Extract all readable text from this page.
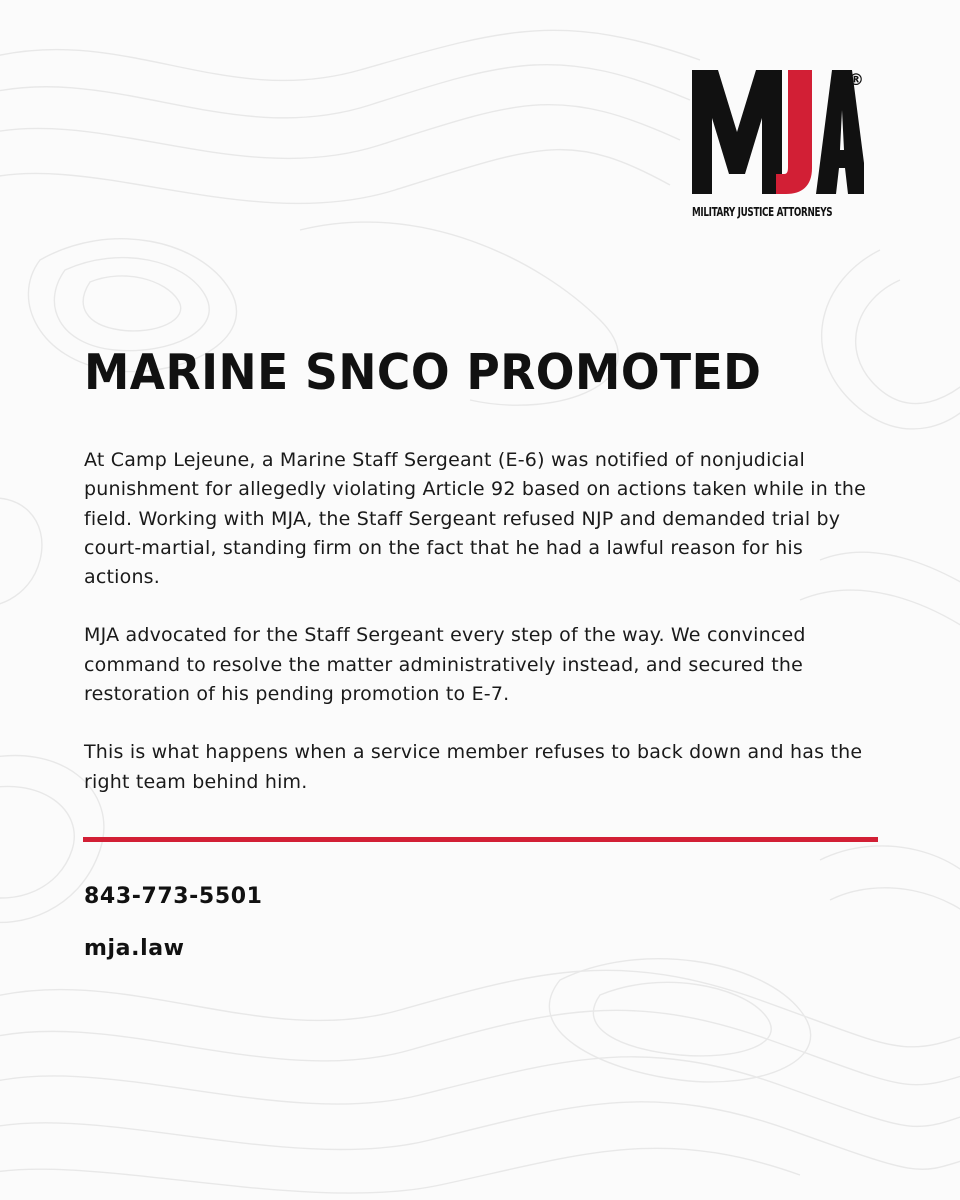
®
MILITARY JUSTICE ATTORNEYS
MARINE SNCO PROMOTED

At Camp Lejeune, a Marine Staff Sergeant (E-6) was notified of nonjudicial punishment for allegedly violating Article 92 based on actions taken while in the field. Working with MJA, the Staff Sergeant refused NJP and demanded trial by court-martial, standing firm on the fact that he had a lawful reason for his actions.

MJA advocated for the Staff Sergeant every step of the way. We convinced command to resolve the matter administratively instead, and secured the restoration of his pending promotion to E-7.

This is what happens when a service member refuses to back down and has the right team behind him.

843-773-5501
mja.law
